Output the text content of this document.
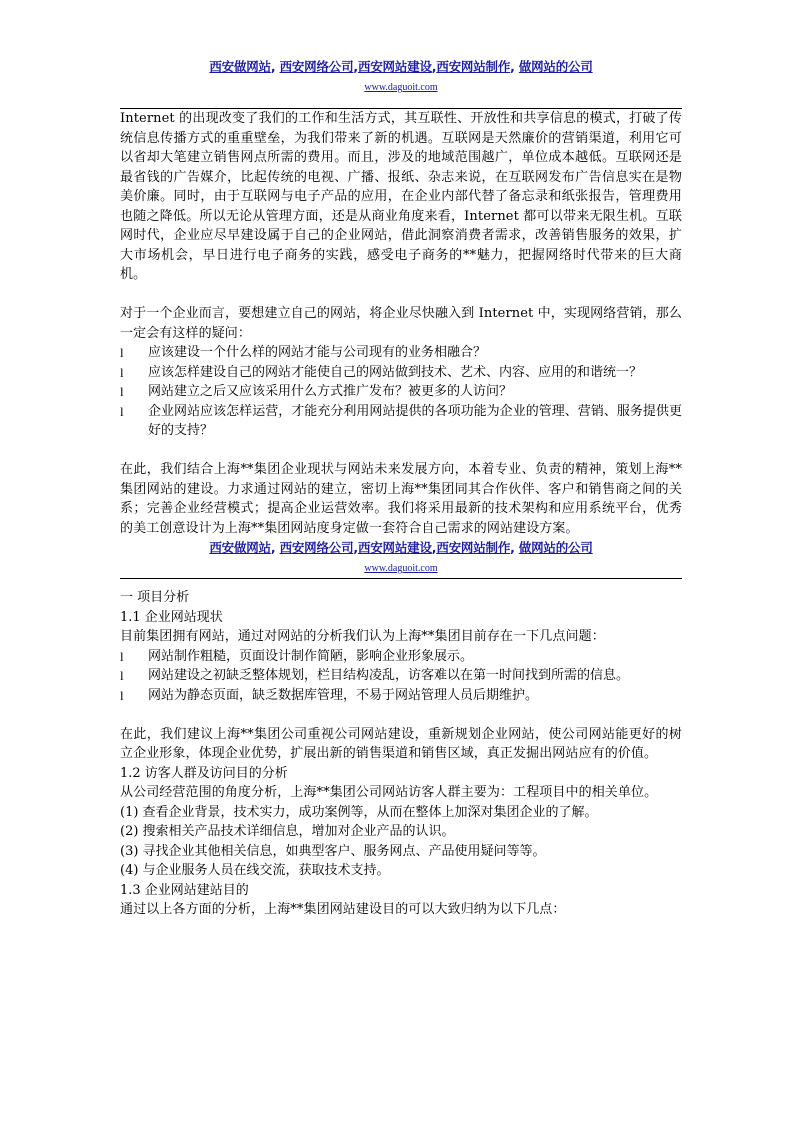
西安做网站, 西安网络公司,西安网站建设,西安网站制作, 做网站的公司
www.daguoit.com

Internet 的出现改变了我们的工作和生活方式，其互联性、开放性和共享信息的模式，打破了传统信息传播方式的重重壁垒，为我们带来了新的机遇。互联网是天然廉价的营销渠道，利用它可以省却大笔建立销售网点所需的费用。而且，涉及的地域范围越广，单位成本越低。互联网还是最省钱的广告媒介，比起传统的电视、广播、报纸、杂志来说，在互联网发布广告信息实在是物美价廉。同时，由于互联网与电子产品的应用，在企业内部代替了备忘录和纸张报告，管理费用也随之降低。所以无论从管理方面，还是从商业角度来看，Internet 都可以带来无限生机。互联网时代，企业应尽早建设属于自己的企业网站，借此洞察消费者需求，改善销售服务的效果，扩大市场机会，早日进行电子商务的实践，感受电子商务的**魅力，把握网络时代带来的巨大商机。

对于一个企业而言，要想建立自己的网站，将企业尽快融入到 Internet 中，实现网络营销，那么一定会有这样的疑问：

l	应该建设一个什么样的网站才能与公司现有的业务相融合？
l	应该怎样建设自己的网站才能使自己的网站做到技术、艺术、内容、应用的和谐统一？
l	网站建立之后又应该采用什么方式推广发布？被更多的人访问？
l	企业网站应该怎样运营，才能充分利用网站提供的各项功能为企业的管理、营销、服务提供更好的支持？

在此，我们结合上海**集团企业现状与网站未来发展方向，本着专业、负责的精神，策划上海**集团网站的建设。力求通过网站的建立，密切上海**集团同其合作伙伴、客户和销售商之间的关系；完善企业经营模式；提高企业运营效率。我们将采用最新的技术架构和应用系统平台，优秀的美工创意设计为上海**集团网站度身定做一套符合自己需求的网站建设方案。

西安做网站, 西安网络公司,西安网站建设,西安网站制作, 做网站的公司
www.daguoit.com
一 项目分析
1.1 企业网站现状

目前集团拥有网站，通过对网站的分析我们认为上海**集团目前存在一下几点问题：

l	网站制作粗糙，页面设计制作简陋，影响企业形象展示。
l	网站建设之初缺乏整体规划，栏目结构凌乱，访客难以在第一时间找到所需的信息。
l	网站为静态页面，缺乏数据库管理，不易于网站管理人员后期维护。

在此，我们建议上海**集团公司重视公司网站建设，重新规划企业网站，使公司网站能更好的树立企业形象，体现企业优势，扩展出新的销售渠道和销售区域，真正发掘出网站应有的价值。

1.2 访客人群及访问目的分析

从公司经营范围的角度分析，上海**集团公司网站访客人群主要为：工程项目中的相关单位。

(1) 查看企业背景，技术实力，成功案例等，从而在整体上加深对集团企业的了解。
(2) 搜索相关产品技术详细信息，增加对企业产品的认识。
(3) 寻找企业其他相关信息，如典型客户、服务网点、产品使用疑问等等。
(4) 与企业服务人员在线交流，获取技术支持。
1.3 企业网站建站目的

通过以上各方面的分析，上海**集团网站建设目的可以大致归纳为以下几点：
